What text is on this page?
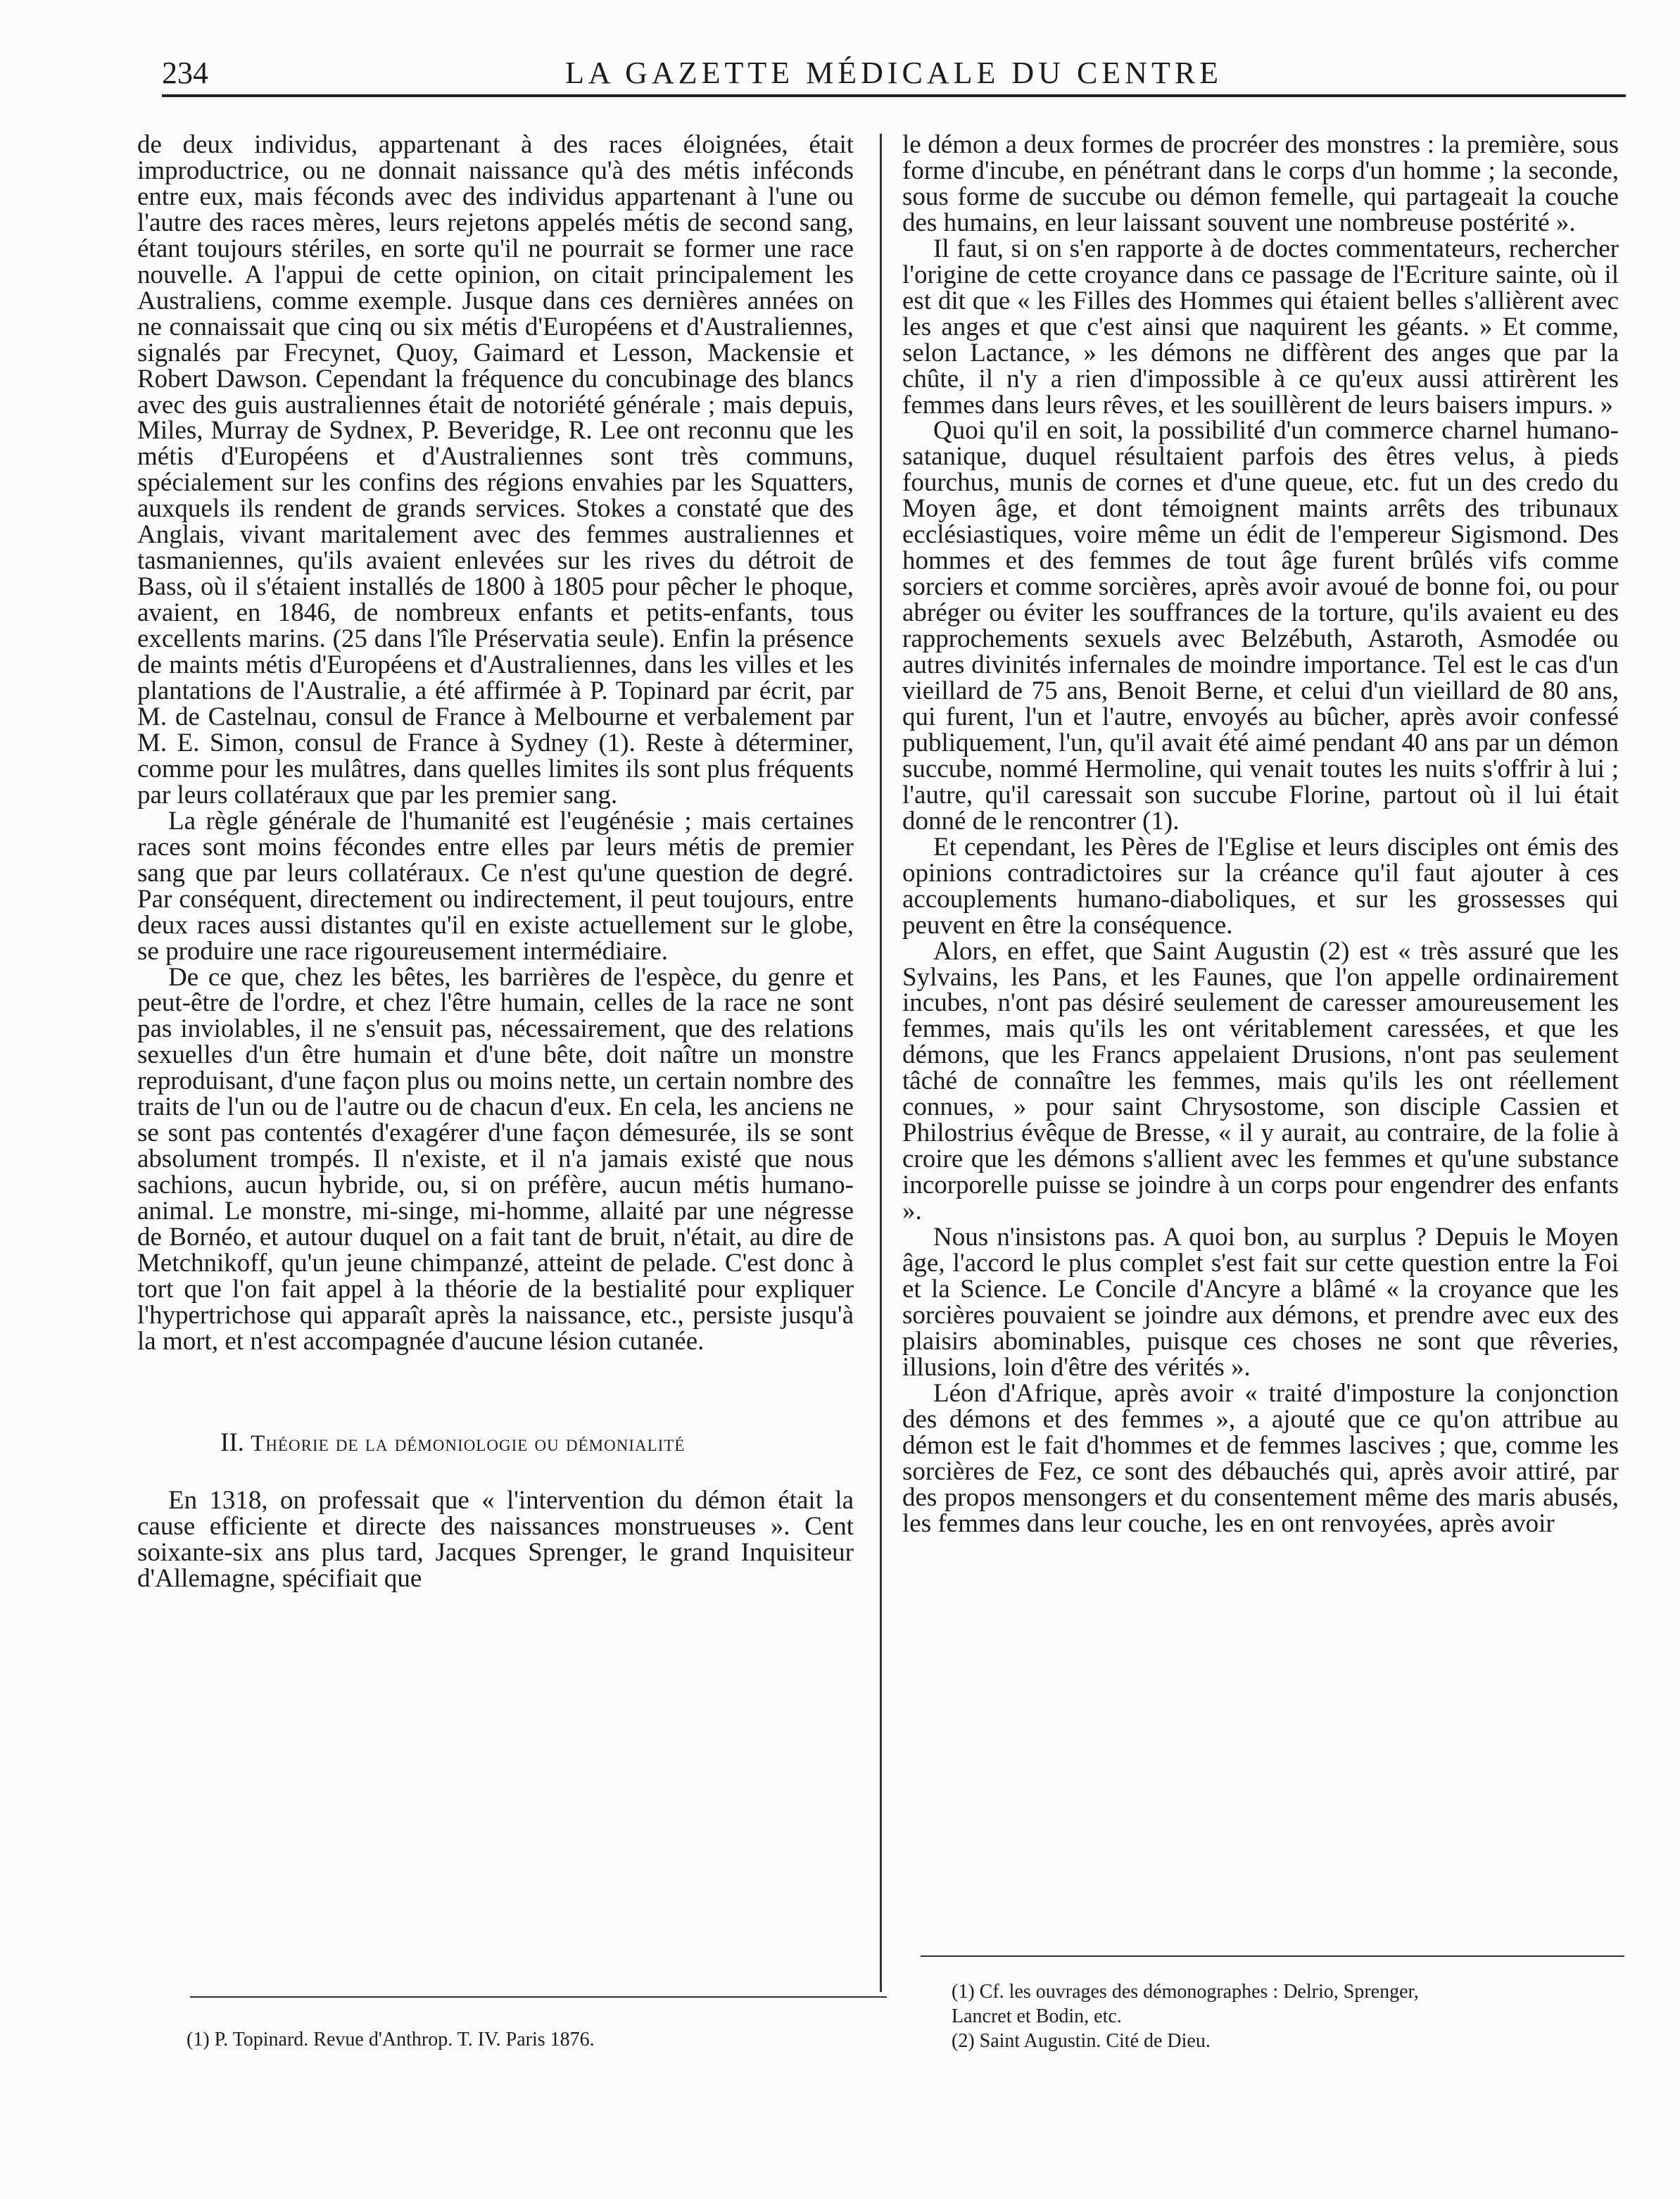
234	LA GAZETTE MÉDICALE DU CENTRE

de deux individus, appartenant à des races éloignées, était improductrice, ou ne donnait naissance qu'à des métis inféconds entre eux, mais féconds avec des individus appartenant à l'une ou l'autre des races mères, leurs rejetons appelés métis de second sang, étant toujours stériles, en sorte qu'il ne pourrait se former une race nouvelle. A l'appui de cette opinion, on citait principalement les Australiens, comme exemple. Jusque dans ces dernières années on ne connaissait que cinq ou six métis d'Européens et d'Australiennes, signalés par Frecynet, Quoy, Gaimard et Lesson, Mackensie et Robert Dawson. Cependant la fréquence du concubinage des blancs avec des guis australiennes était de notoriété générale ; mais depuis, Miles, Murray de Sydnex, P. Beveridge, R. Lee ont reconnu que les métis d'Européens et d'Australiennes sont très communs, spécialement sur les confins des régions envahies par les Squatters, auxquels ils rendent de grands services. Stokes a constaté que des Anglais, vivant maritalement avec des femmes australiennes et tasmaniennes, qu'ils avaient enlevées sur les rives du détroit de Bass, où il s'étaient installés de 1800 à 1805 pour pêcher le phoque, avaient, en 1846, de nombreux enfants et petits-enfants, tous excellents marins. (25 dans l'île Préservatia seule). Enfin la présence de maints métis d'Européens et d'Australiennes, dans les villes et les plantations de l'Australie, a été affirmée à P. Topinard par écrit, par M. de Castelnau, consul de France à Melbourne et verbalement par M. E. Simon, consul de France à Sydney (1). Reste à déterminer, comme pour les mulâtres, dans quelles limites ils sont plus fréquents par leurs collatéraux que par les premier sang.

La règle générale de l'humanité est l'eugénésie ; mais certaines races sont moins fécondes entre elles par leurs métis de premier sang que par leurs collatéraux. Ce n'est qu'une question de degré. Par conséquent, directement ou indirectement, il peut toujours, entre deux races aussi distantes qu'il en existe actuellement sur le globe, se produire une race rigoureusement intermédiaire.

De ce que, chez les bêtes, les barrières de l'espèce, du genre et peut-être de l'ordre, et chez l'être humain, celles de la race ne sont pas inviolables, il ne s'ensuit pas, nécessairement, que des relations sexuelles d'un être humain et d'une bête, doit naître un monstre reproduisant, d'une façon plus ou moins nette, un certain nombre des traits de l'un ou de l'autre ou de chacun d'eux. En cela, les anciens ne se sont pas contentés d'exagérer d'une façon démesurée, ils se sont absolument trompés. Il n'existe, et il n'a jamais existé que nous sachions, aucun hybride, ou, si on préfère, aucun métis humano-animal. Le monstre, mi-singe, mi-homme, allaité par une négresse de Bornéo, et autour duquel on a fait tant de bruit, n'était, au dire de Metchnikoff, qu'un jeune chimpanzé, atteint de pelade. C'est donc à tort que l'on fait appel à la théorie de la bestialité pour expliquer l'hypertrichose qui apparaît après la naissance, etc., persiste jusqu'à la mort, et n'est accompagnée d'aucune lésion cutanée.

II. Théorie de la démoniologie ou démonialité

En 1318, on professait que « l'intervention du démon était la cause efficiente et directe des naissances monstrueuses ». Cent soixante-six ans plus tard, Jacques Sprenger, le grand Inquisiteur d'Allemagne, spécifiait que

le démon a deux formes de procréer des monstres : la première, sous forme d'incube, en pénétrant dans le corps d'un homme ; la seconde, sous forme de succube ou démon femelle, qui partageait la couche des humains, en leur laissant souvent une nombreuse postérité ».

Il faut, si on s'en rapporte à de doctes commentateurs, rechercher l'origine de cette croyance dans ce passage de l'Ecriture sainte, où il est dit que « les Filles des Hommes qui étaient belles s'allièrent avec les anges et que c'est ainsi que naquirent les géants. » Et comme, selon Lactance, » les démons ne diffèrent des anges que par la chûte, il n'y a rien d'impossible à ce qu'eux aussi attirèrent les femmes dans leurs rêves, et les souillèrent de leurs baisers impurs. »

Quoi qu'il en soit, la possibilité d'un commerce charnel humano-satanique, duquel résultaient parfois des êtres velus, à pieds fourchus, munis de cornes et d'une queue, etc. fut un des credo du Moyen âge, et dont témoignent maints arrêts des tribunaux ecclésiastiques, voire même un édit de l'empereur Sigismond. Des hommes et des femmes de tout âge furent brûlés vifs comme sorciers et comme sorcières, après avoir avoué de bonne foi, ou pour abréger ou éviter les souffrances de la torture, qu'ils avaient eu des rapprochements sexuels avec Belzébuth, Astaroth, Asmodée ou autres divinités infernales de moindre importance. Tel est le cas d'un vieillard de 75 ans, Benoit Berne, et celui d'un vieillard de 80 ans, qui furent, l'un et l'autre, envoyés au bûcher, après avoir confessé publiquement, l'un, qu'il avait été aimé pendant 40 ans par un démon succube, nommé Hermoline, qui venait toutes les nuits s'offrir à lui ; l'autre, qu'il caressait son succube Florine, partout où il lui était donné de le rencontrer (1).

Et cependant, les Pères de l'Eglise et leurs disciples ont émis des opinions contradictoires sur la créance qu'il faut ajouter à ces accouplements humano-diaboliques, et sur les grossesses qui peuvent en être la conséquence.

Alors, en effet, que Saint Augustin (2) est « très assuré que les Sylvains, les Pans, et les Faunes, que l'on appelle ordinairement incubes, n'ont pas désiré seulement de caresser amoureusement les femmes, mais qu'ils les ont véritablement caressées, et que les démons, que les Francs appelaient Drusions, n'ont pas seulement tâché de connaître les femmes, mais qu'ils les ont réellement connues, » pour saint Chrysostome, son disciple Cassien et Philostrius évêque de Bresse, « il y aurait, au contraire, de la folie à croire que les démons s'allient avec les femmes et qu'une substance incorporelle puisse se joindre à un corps pour engendrer des enfants ».

Nous n'insistons pas. A quoi bon, au surplus ? Depuis le Moyen âge, l'accord le plus complet s'est fait sur cette question entre la Foi et la Science. Le Concile d'Ancyre a blâmé « la croyance que les sorcières pouvaient se joindre aux démons, et prendre avec eux des plaisirs abominables, puisque ces choses ne sont que rêveries, illusions, loin d'être des vérités ».

Léon d'Afrique, après avoir « traité d'imposture la conjonction des démons et des femmes », a ajouté que ce qu'on attribue au démon est le fait d'hommes et de femmes lascives ; que, comme les sorcières de Fez, ce sont des débauchés qui, après avoir attiré, par des propos mensongers et du consentement même des maris abusés, les femmes dans leur couche, les en ont renvoyées, après avoir

(1) P. Topinard. Revue d'Anthrop. T. IV. Paris 1876.
(1) Cf. les ouvrages des démonographes : Delrio, Sprenger,
Lancret et Bodin, etc.
(2) Saint Augustin. Cité de Dieu.
